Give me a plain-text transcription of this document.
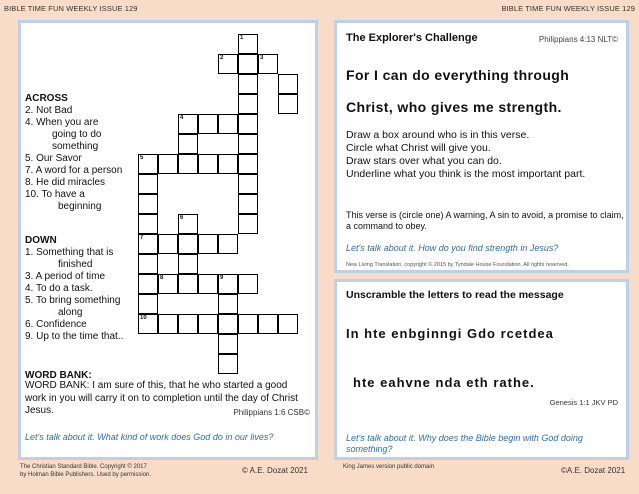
BIBLE TIME FUN WEEKLY ISSUE 129	BIBLE TIME FUN WEEKLY ISSUE 129
1
2	3
4
5
6
7
8	9
10
ACROSS
2. Not Bad
4. When you are
going to do
something
5. Our Savor
7. A word for a person
8. He did miracles
10. To have a
beginning
DOWN
1. Something that is
finished
3. A period of time
4. To do a task.
5. To bring something
along
6. Confidence
9. Up to the time that..
WORD BANK:
WORD BANK: I am sure of this, that he who started a good work in you will carry it on to completion until the day of Christ Jesus.	Philippians 1:6 CSB©
Let's talk about it. What kind of work does God do in our lives?
The Christian Standard Bible. Copyright © 2017
by Holman Bible Publishers. Used by permission.	© A.E. Dozat 2021
The Explorer's Challenge	Philippians 4:13 NLT©
For I can do everything through
Christ, who gives me strength.
Draw a box around who is in this verse.
Circle what Christ will give you.
Draw stars over what you can do.
Underline what you think is the most important part.
This verse is (circle one) A warning, A sin to avoid, a promise to claim, a command to obey.
Let's talk about it. How do you find strength in Jesus?
New Living Translation, copyright © 2015 by Tyndale House Foundation. All rights reserved.
Unscramble the letters to read the message
In hte enbginngi Gdo rcetdea
hte eahvne nda eth rathe.
Genesis 1:1 JKV PD
Let's talk about it. Why does the Bible begin with God doing something?
King James version public domain	©A.E. Dozat 2021
